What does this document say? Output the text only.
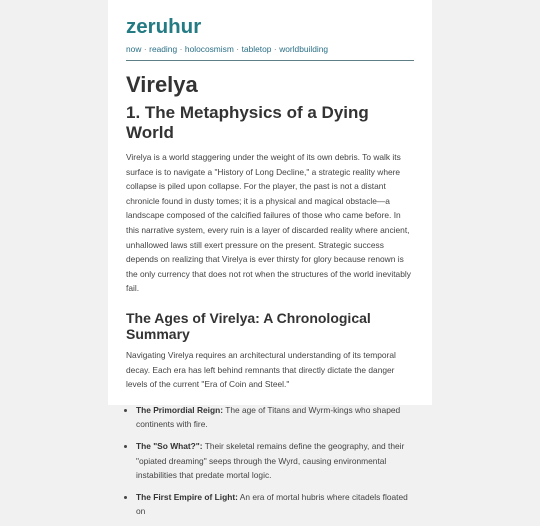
zeruhur
now · reading · holocosmism · tabletop · worldbuilding
Virelya
1. The Metaphysics of a Dying World

Virelya is a world staggering under the weight of its own debris. To walk its surface is to navigate a "History of Long Decline," a strategic reality where collapse is piled upon collapse. For the player, the past is not a distant chronicle found in dusty tomes; it is a physical and magical obstacle—a landscape composed of the calcified failures of those who came before. In this narrative system, every ruin is a layer of discarded reality where ancient, unhallowed laws still exert pressure on the present. Strategic success depends on realizing that Virelya is ever thirsty for glory because renown is the only currency that does not rot when the structures of the world inevitably fail.

The Ages of Virelya: A Chronological Summary

Navigating Virelya requires an architectural understanding of its temporal decay. Each era has left behind remnants that directly dictate the danger levels of the current "Era of Coin and Steel."

• The Primordial Reign: The age of Titans and Wyrm-kings who shaped continents with fire.
• The "So What?": Their skeletal remains define the geography, and their "opiated dreaming" seeps through the Wyrd, causing environmental instabilities that predate mortal logic.
• The First Empire of Light: An era of mortal hubris where citadels floated on
